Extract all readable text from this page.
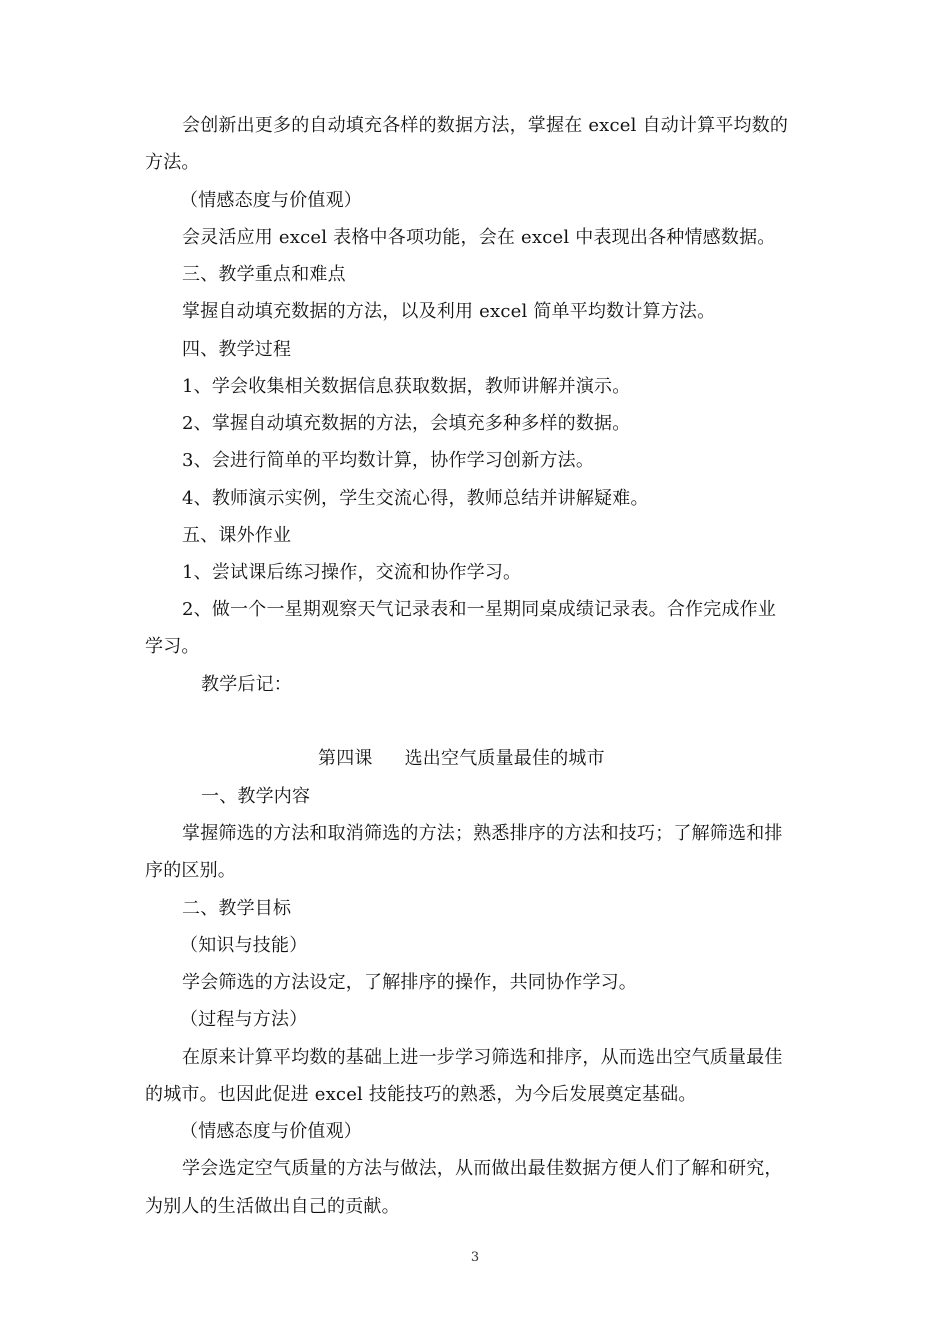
会创新出更多的自动填充各样的数据方法，掌握在 excel 自动计算平均数的
方法。
（情感态度与价值观）
会灵活应用 excel 表格中各项功能，会在 excel 中表现出各种情感数据。
三、教学重点和难点
掌握自动填充数据的方法，以及利用 excel 简单平均数计算方法。
四、教学过程
1、学会收集相关数据信息获取数据，教师讲解并演示。
2、掌握自动填充数据的方法，会填充多种多样的数据。
3、会进行简单的平均数计算，协作学习创新方法。
4、教师演示实例，学生交流心得，教师总结并讲解疑难。
五、课外作业
1、尝试课后练习操作，交流和协作学习。
2、做一个一星期观察天气记录表和一星期同桌成绩记录表。合作完成作业
学习。
教学后记：
第四课 选出空气质量最佳的城市
一、教学内容
掌握筛选的方法和取消筛选的方法；熟悉排序的方法和技巧；了解筛选和排
序的区别。
二、教学目标
（知识与技能）
学会筛选的方法设定，了解排序的操作，共同协作学习。
（过程与方法）
在原来计算平均数的基础上进一步学习筛选和排序，从而选出空气质量最佳
的城市。也因此促进 excel 技能技巧的熟悉，为今后发展奠定基础。
（情感态度与价值观）
学会选定空气质量的方法与做法，从而做出最佳数据方便人们了解和研究，
为别人的生活做出自己的贡献。
3
